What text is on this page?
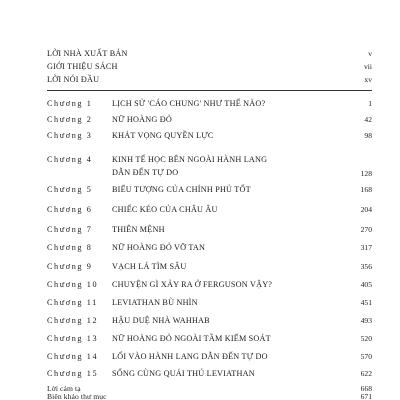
LỜI NHÀ XUẤT BẢN	v
GIỚI THIỆU SÁCH	vii
LỜI NÓI ĐẦU	xv
Chương 1 LỊCH SỬ 'CÁO CHUNG' NHƯ THẾ NÀO?	1
Chương 2 NỮ HOÀNG ĐỎ	42
Chương 3 KHÁT VỌNG QUYỀN LỰC	98
Chương 4 KINH TẾ HỌC BÊN NGOÀI HÀNH LANG
DẪN ĐẾN TỰ DO	128
Chương 5 BIỂU TƯỢNG CỦA CHÍNH PHỦ TỐT	168
Chương 6 CHIẾC KÉO CỦA CHÂU ÂU	204
Chương 7 THIÊN MỆNH	270
Chương 8 NỮ HOÀNG ĐỎ VỠ TAN	317
Chương 9 VẠCH LÁ TÌM SÂU	356
Chương 10 CHUYỆN GÌ XẢY RA Ở FERGUSON VẬY?	405
Chương 11 LEVIATHAN BÙ NHÌN	451
Chương 12 HẬU DUỆ NHÀ WAHHAB	493
Chương 13 NỮ HOÀNG ĐỎ NGOÀI TẦM KIỂM SOÁT	520
Chương 14 LỐI VÀO HÀNH LANG DẪN ĐẾN TỰ DO	570
Chương 15 SỐNG CÙNG QUÁI THÚ LEVIATHAN	622
Lời cảm tạ	668
Biên khảo thư mục	671
